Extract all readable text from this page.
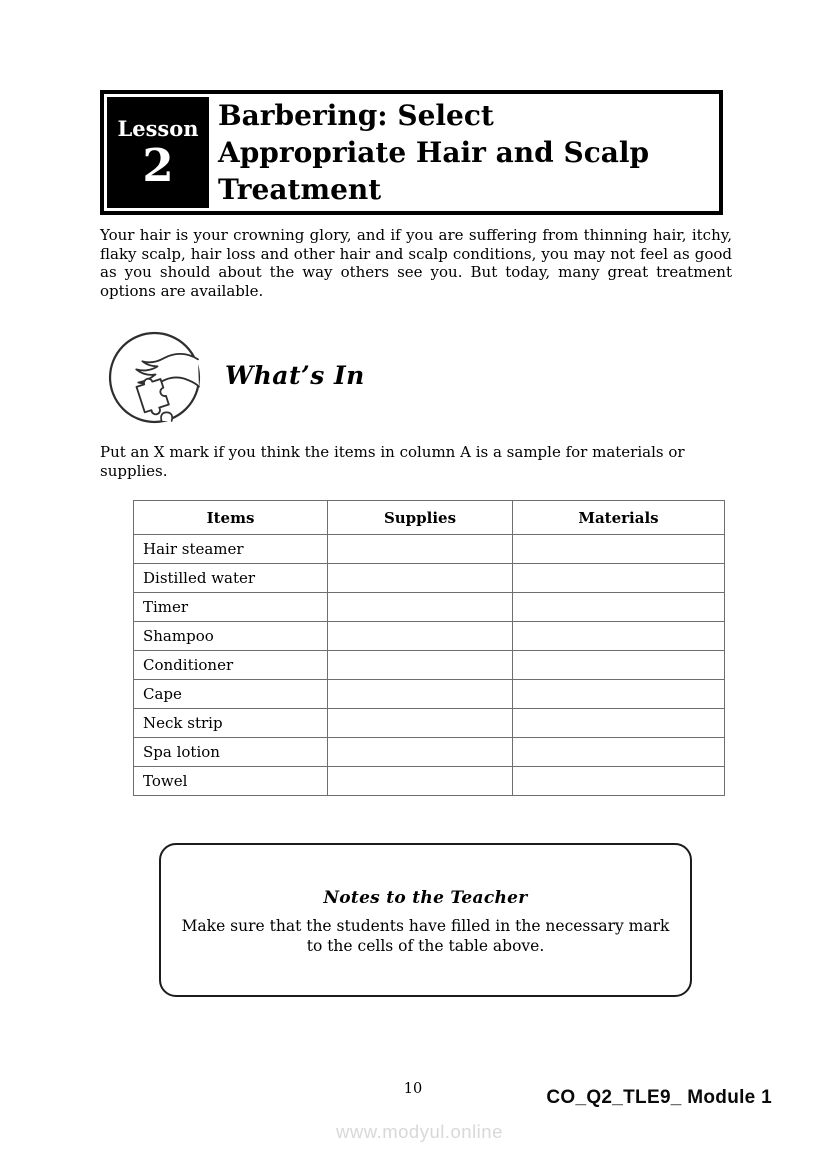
Lesson
2
Barbering: Select
Appropriate Hair and Scalp
Treatment
Your hair is your crowning glory, and if you are suffering from thinning hair, itchy, flaky scalp, hair loss and other hair and scalp conditions, you may not feel as good as you should about the way others see you. But today, many great treatment options are available.
What’s In
Put an X mark if you think the items in column A is a sample for materials or supplies.
Items	Supplies	Materials
Hair steamer		
Distilled water		
Timer		
Shampoo		
Conditioner		
Cape		
Neck strip		
Spa lotion		
Towel		
Notes to the Teacher
Make sure that the students have filled in the necessary mark to the cells of the table above.
10	CO_Q2_TLE9_ Module 1
www.modyul.online
